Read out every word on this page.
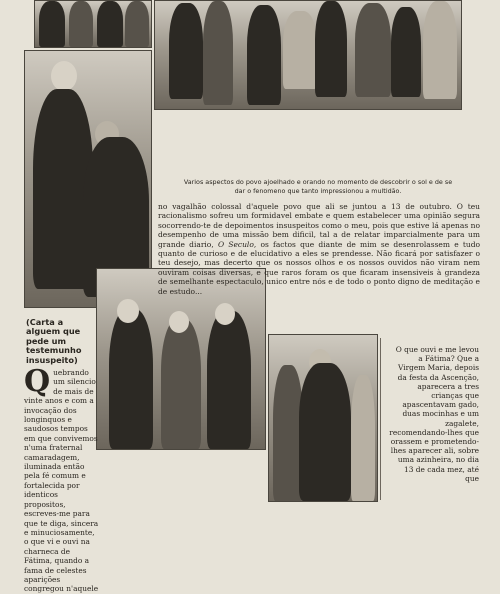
Varios aspectos do povo ajoelhado e orando no momento de descobrir o sol e de se
dar o fenomeno que tanto impressionou a multidão.

no vagalhão colossal d'aquele povo que ali se juntou a 13 de outubro. O teu racionalismo sofreu um formidavel embate e quem estabelecer uma opinião segura socorrendo-te de depoimentos insuspeitos como o meu, pois que estive lá apenas no desempenho de uma missão bem dificil, tal a de relatar imparcialmente para um grande diario, O Seculo, os factos que diante de mim se desenrolassem e tudo quanto de curioso e de elucidativo a eles se prendesse. Não ficará por satisfazer o teu desejo, mas decerto que os nossos olhos e os nossos ouvidos não viram nem ouviram coisas diversas, e que raros foram os que ficaram insensiveis à grandeza de semelhante espectaculo, unico entre nós e de todo o ponto digno de meditação e de estudo...

(Carta a alguem que pede um testemunho insuspeito)
Q uebrando um silencio de mais de vinte anos e com a invocação dos longinquos e saudosos tempos em que convivemos n'uma fraternal camaradagem, iluminada então pela fé comum e fortalecida por identicos propositos, escreves-me para que te diga, sincera e minuciosamente, o que vi e ouvi na charneca de Fátima, quando a fama de celestes aparições congregou n'aquele

O que ouvi e me levou a Fátima? Que a Virgem Maria, depois da festa da Ascenção, aparecera a tres crianças que apascentavam gado, duas mocinhas e um zagalete, recomendando-lhes que orassem e prometendo-lhes aparecer ali, sobre uma azinheira, no dia 13 de cada mez, até que
